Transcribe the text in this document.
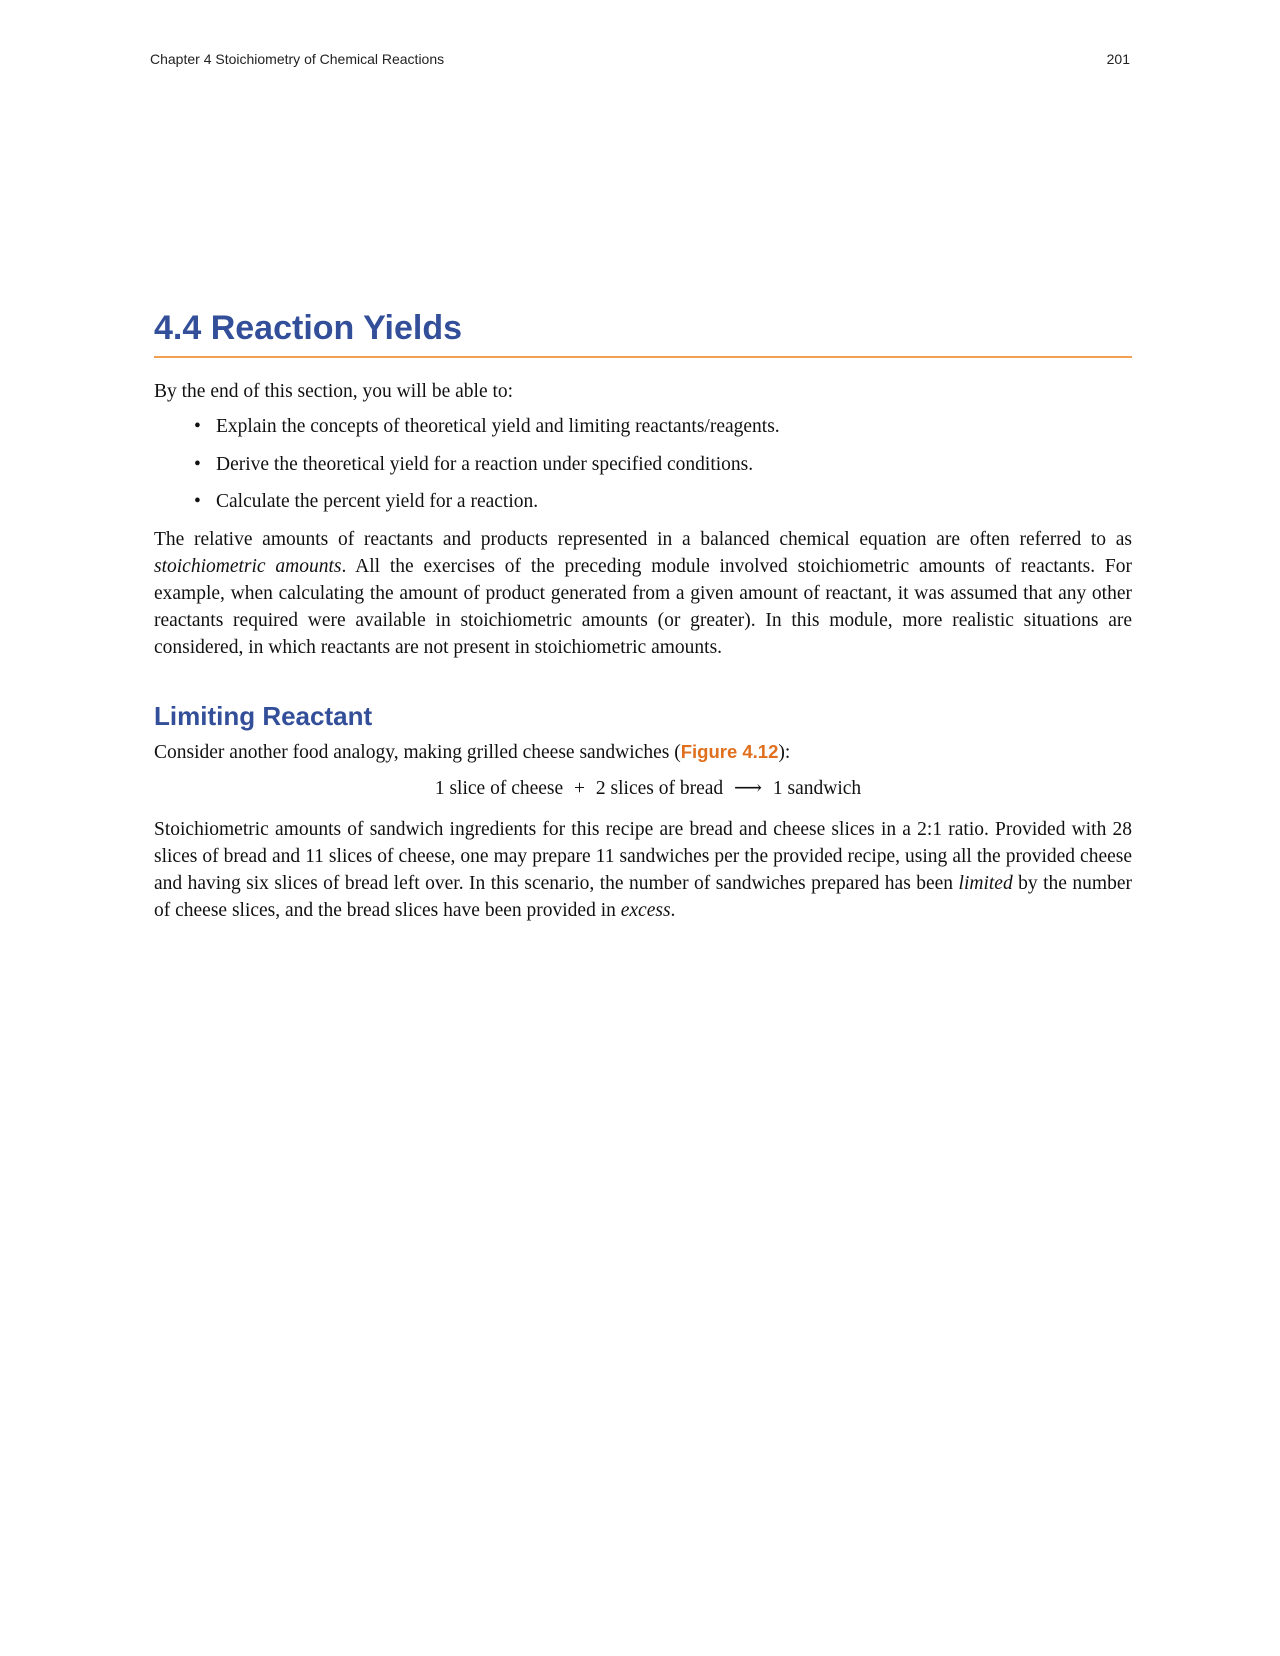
Chapter 4 Stoichiometry of Chemical Reactions	201
4.4 Reaction Yields

By the end of this section, you will be able to:

• Explain the concepts of theoretical yield and limiting reactants/reagents.
• Derive the theoretical yield for a reaction under specified conditions.
• Calculate the percent yield for a reaction.

The relative amounts of reactants and products represented in a balanced chemical equation are often referred to as stoichiometric amounts. All the exercises of the preceding module involved stoichiometric amounts of reactants. For example, when calculating the amount of product generated from a given amount of reactant, it was assumed that any other reactants required were available in stoichiometric amounts (or greater). In this module, more realistic situations are considered, in which reactants are not present in stoichiometric amounts.

Limiting Reactant

Consider another food analogy, making grilled cheese sandwiches (Figure 4.12):

1 slice of cheese + 2 slices of bread ⟶ 1 sandwich

Stoichiometric amounts of sandwich ingredients for this recipe are bread and cheese slices in a 2:1 ratio. Provided with 28 slices of bread and 11 slices of cheese, one may prepare 11 sandwiches per the provided recipe, using all the provided cheese and having six slices of bread left over. In this scenario, the number of sandwiches prepared has been limited by the number of cheese slices, and the bread slices have been provided in excess.
